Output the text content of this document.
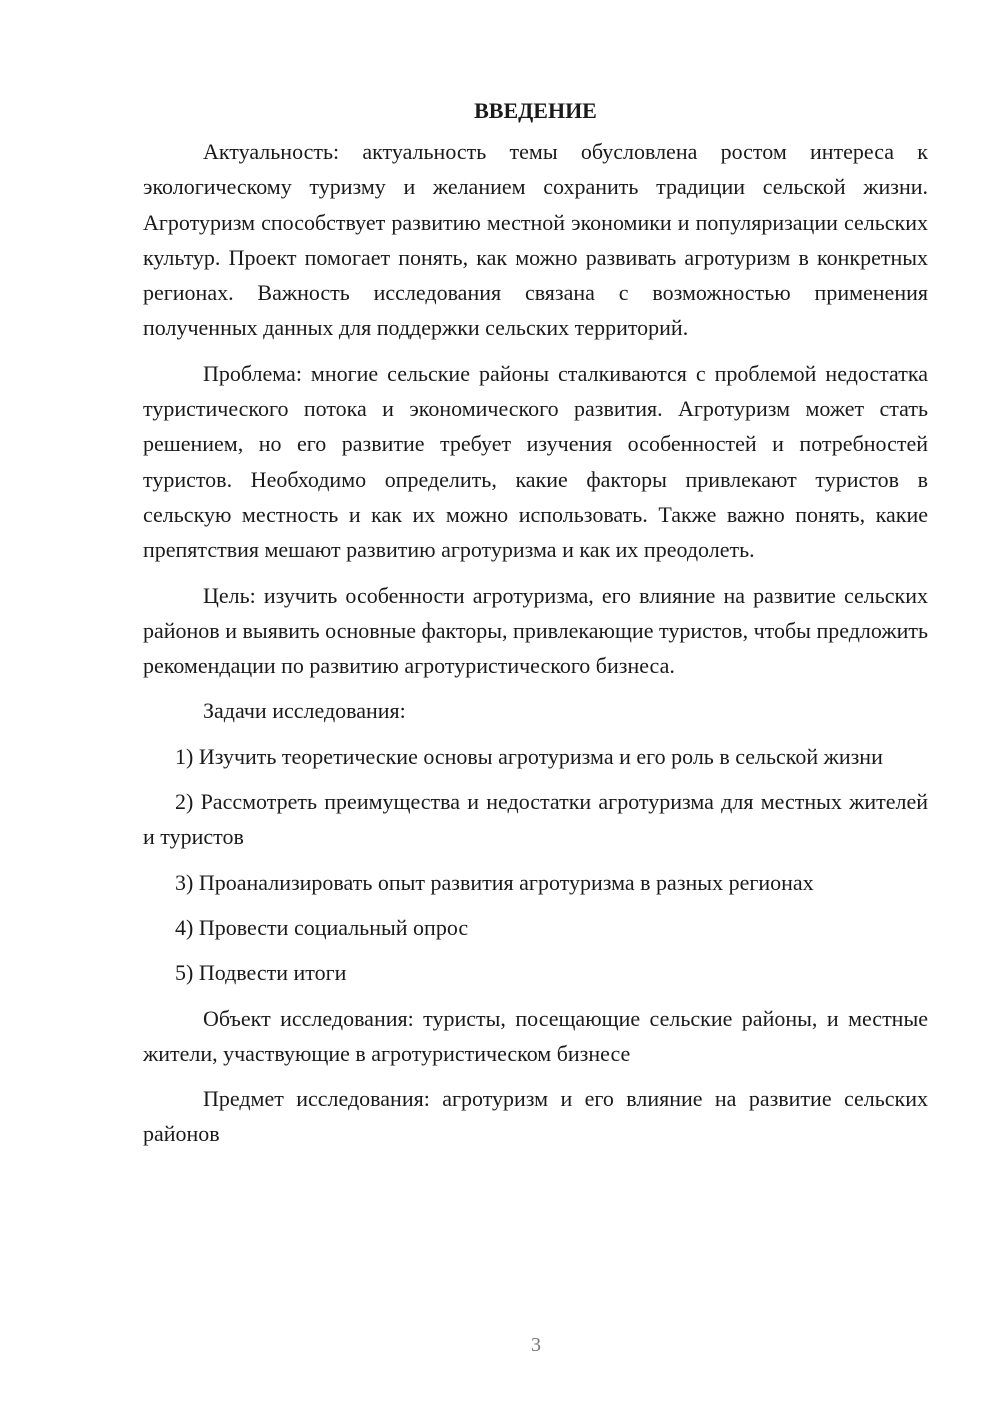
ВВЕДЕНИЕ

Актуальность: актуальность темы обусловлена ростом интереса к экологическому туризму и желанием сохранить традиции сельской жизни. Агротуризм способствует развитию местной экономики и популяризации сельских культур. Проект помогает понять, как можно развивать агротуризм в конкретных регионах. Важность исследования связана с возможностью применения полученных данных для поддержки сельских территорий.

Проблема: многие сельские районы сталкиваются с проблемой недостатка туристического потока и экономического развития. Агротуризм может стать решением, но его развитие требует изучения особенностей и потребностей туристов. Необходимо определить, какие факторы привлекают туристов в сельскую местность и как их можно использовать. Также важно понять, какие препятствия мешают развитию агротуризма и как их преодолеть.

Цель: изучить особенности агротуризма, его влияние на развитие сельских районов и выявить основные факторы, привлекающие туристов, чтобы предложить рекомендации по развитию агротуристического бизнеса.

Задачи исследования:

1) Изучить теоретические основы агротуризма и его роль в сельской жизни

2) Рассмотреть преимущества и недостатки агротуризма для местных жителей и туристов

3) Проанализировать опыт развития агротуризма в разных регионах

4) Провести социальный опрос

5) Подвести итоги

Объект исследования: туристы, посещающие сельские районы, и местные жители, участвующие в агротуристическом бизнесе

Предмет исследования: агротуризм и его влияние на развитие сельских районов

3
